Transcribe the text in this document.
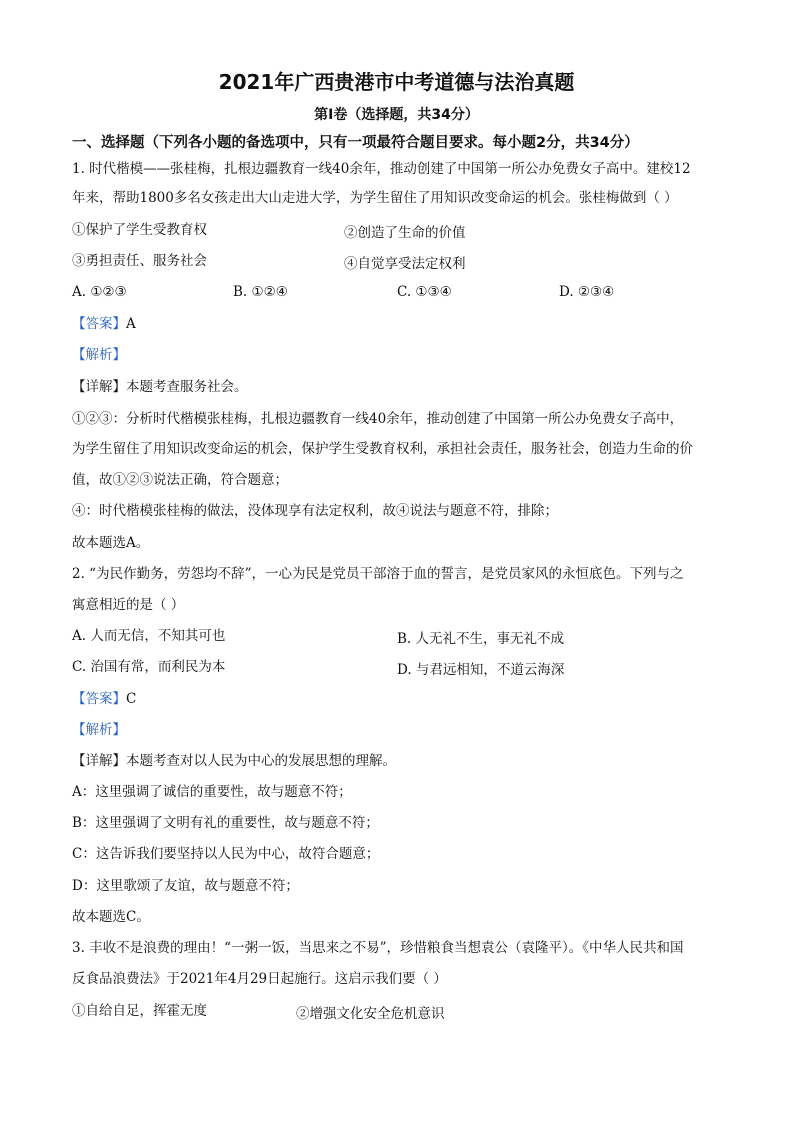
2021年广西贵港市中考道德与法治真题
第Ⅰ卷（选择题，共34分）
一、选择题（下列各小题的备选项中，只有一项最符合题目要求。每小题2分，共34分）
1. 时代楷模——张桂梅，扎根边疆教育一线40余年，推动创建了中国第一所公办免费女子高中。建校12
年来，帮助1800多名女孩走出大山走进大学，为学生留住了用知识改变命运的机会。张桂梅做到（ ）
①保护了学生受教育权	②创造了生命的价值
③勇担责任、服务社会	④自觉享受法定权利
A. ①②③	B. ①②④	C. ①③④	D. ②③④
【答案】A
【解析】
【详解】本题考查服务社会。
①②③：分析时代楷模张桂梅，扎根边疆教育一线40余年，推动创建了中国第一所公办免费女子高中，
为学生留住了用知识改变命运的机会，保护学生受教育权利，承担社会责任，服务社会，创造力生命的价
值，故①②③说法正确，符合题意；
④：时代楷模张桂梅的做法，没体现享有法定权利，故④说法与题意不符，排除；
故本题选A。
2. “为民作勤务，劳怨均不辞”，一心为民是党员干部溶于血的誓言，是党员家风的永恒底色。下列与之
寓意相近的是（ ）
A. 人而无信，不知其可也	B. 人无礼不生，事无礼不成
C. 治国有常，而利民为本	D. 与君远相知，不道云海深
【答案】C
【解析】
【详解】本题考查对以人民为中心的发展思想的理解。
A：这里强调了诚信的重要性，故与题意不符；
B：这里强调了文明有礼的重要性，故与题意不符；
C：这告诉我们要坚持以人民为中心，故符合题意；
D：这里歌颂了友谊，故与题意不符；
故本题选C。
3. 丰收不是浪费的理由！“一粥一饭，当思来之不易”，珍惜粮食当想袁公（袁隆平）。《中华人民共和国
反食品浪费法》于2021年4月29日起施行。这启示我们要（ ）
①自给自足，挥霍无度	②增强文化安全危机意识
